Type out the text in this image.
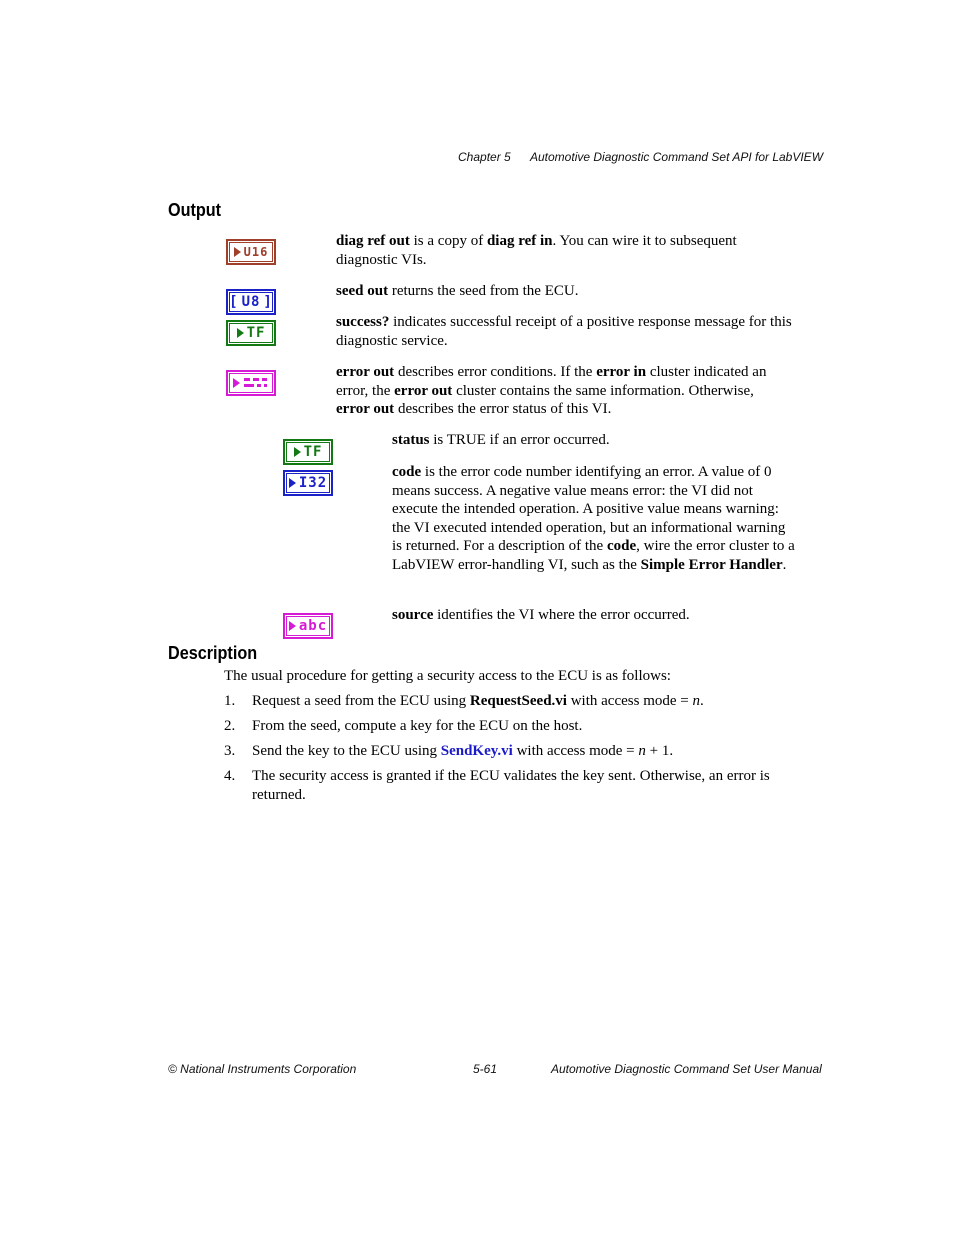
Chapter 5 Automotive Diagnostic Command Set API for LabVIEW
Output
U16
diag ref out is a copy of diag ref in. You can wire it to subsequent diagnostic VIs.
[ U8 ]
seed out returns the seed from the ECU.
TF
success? indicates successful receipt of a positive response message for this diagnostic service.
error out describes error conditions. If the error in cluster indicated an error, the error out cluster contains the same information. Otherwise,
error out describes the error status of this VI.
TF
status is TRUE if an error occurred.
I32
code is the error code number identifying an error. A value of 0 means success. A negative value means error: the VI did not execute the intended operation. A positive value means warning: the VI executed intended operation, but an informational warning is returned. For a description of the code, wire the error cluster to a LabVIEW error-handling VI, such as the Simple Error Handler.
abc
source identifies the VI where the error occurred.
Description
The usual procedure for getting a security access to the ECU is as follows:
1. Request a seed from the ECU using RequestSeed.vi with access mode = n.
2. From the seed, compute a key for the ECU on the host.
3. Send the key to the ECU using SendKey.vi with access mode = n + 1.
4. The security access is granted if the ECU validates the key sent. Otherwise, an error is returned.
© National Instruments Corporation	5-61	Automotive Diagnostic Command Set User Manual
